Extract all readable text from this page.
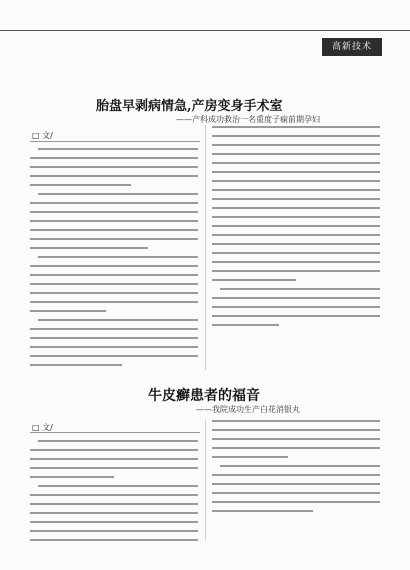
高新技术
胎盘早剥病情急,产房变身手术室
——产科成功救治一名重度子痫前期孕妇
□ 文/
牛皮癣患者的福音
——我院成功生产白花消银丸
□ 文/
